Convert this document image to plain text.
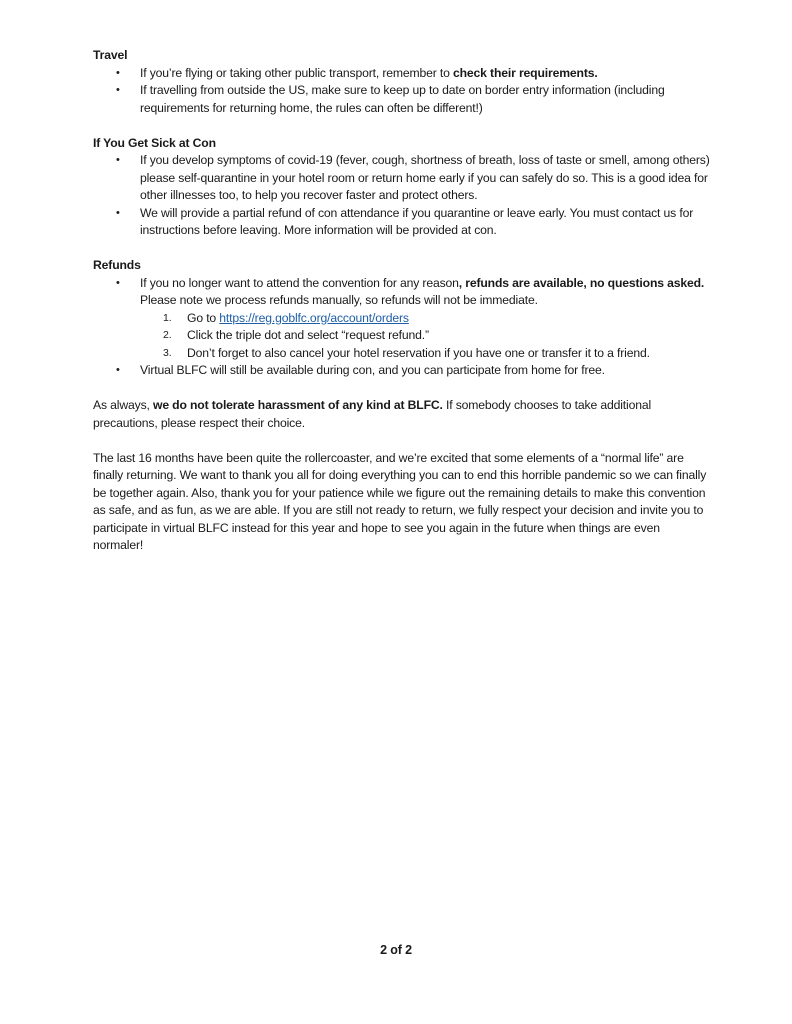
Travel
• If you’re flying or taking other public transport, remember to check their requirements.
• If travelling from outside the US, make sure to keep up to date on border entry information (including requirements for returning home, the rules can often be different!)
If You Get Sick at Con
• If you develop symptoms of covid-19 (fever, cough, shortness of breath, loss of taste or smell, among others) please self-quarantine in your hotel room or return home early if you can safely do so. This is a good idea for other illnesses too, to help you recover faster and protect others.
• We will provide a partial refund of con attendance if you quarantine or leave early. You must contact us for instructions before leaving. More information will be provided at con.
Refunds
• If you no longer want to attend the convention for any reason, refunds are available, no questions asked. Please note we process refunds manually, so refunds will not be immediate.
1. Go to https://reg.goblfc.org/account/orders
2. Click the triple dot and select “request refund.”
3. Don’t forget to also cancel your hotel reservation if you have one or transfer it to a friend.
• Virtual BLFC will still be available during con, and you can participate from home for free.

As always, we do not tolerate harassment of any kind at BLFC. If somebody chooses to take additional precautions, please respect their choice.

The last 16 months have been quite the rollercoaster, and we’re excited that some elements of a “normal life” are finally returning. We want to thank you all for doing everything you can to end this horrible pandemic so we can finally be together again. Also, thank you for your patience while we figure out the remaining details to make this convention as safe, and as fun, as we are able. If you are still not ready to return, we fully respect your decision and invite you to participate in virtual BLFC instead for this year and hope to see you again in the future when things are even normaler!

2 of 2
